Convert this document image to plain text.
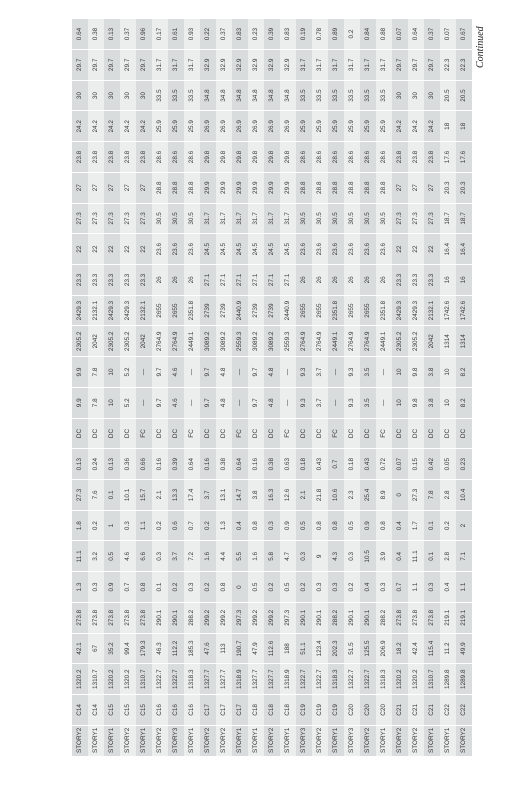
STORY2	C14	1320.2	42.1	273.8	1.3	11.1	1.8	27.3	0.13	DC	9.9	9.9	2305.2	2429.3	23.3	22	27.3	27	23.8	24.2	30	29.7	0.64
STORY1	C14	1310.7	67	273.8	0.3	3.2	0.2	7.6	0.24	DC	7.8	7.8	2042	2132.1	23.3	22	27.3	27	23.8	24.2	30	29.7	0.38
STORY1	C15	1320.2	35.2	273.8	0.9	0.5	1	0.1	0.13	DC	10	10	2305.2	2429.3	23.3	22	27.3	27	23.8	24.2	30	29.7	0.13
STORY2	C15	1320.2	99.4	273.8	0.7	4.6	0.3	10.1	0.36	DC	5.2	5.2	2305.2	2429.3	23.3	22	27.3	27	23.8	24.2	30	29.7	0.37
STORY1	C15	1310.7	179.3	273.8	0.8	6.6	1.1	15.7	0.66	FC	—	—	2042	2132.1	23.3	22	27.3	27	23.8	24.2	30	29.7	0.96
STORY2	C16	1322.7	46.3	290.1	0.1	0.3	0.2	2.1	0.16	DC	9.7	9.7	2764.9	2655	26	23.6	30.5	28.8	28.6	25.9	33.5	31.7	0.17
STORY3	C16	1322.7	112.2	290.1	0.2	3.7	0.6	13.3	0.39	DC	4.6	4.6	2764.9	2655	26	23.6	30.5	28.8	28.6	25.9	33.5	31.7	0.61
STORY1	C16	1318.3	185.3	288.2	0.3	7.2	0.7	17.4	0.64	FC	—	—	2449.1	2351.8	26	23.6	30.5	28.8	28.6	25.9	33.5	31.7	0.93
STORY2	C17	1327.7	47.6	299.2	0.2	1.6	0.2	3.7	0.16	DC	9.7	9.7	3089.2	2739	27.1	24.5	31.7	29.9	29.8	26.9	34.8	32.9	0.22
STORY2	C17	1327.7	113	299.2	0.8	4.4	1.3	13.1	0.38	DC	4.8	4.8	3089.2	2739	27.1	24.5	31.7	29.9	29.8	26.9	34.8	32.9	0.37
STORY1	C17	1318.9	190.7	297.3	0	5.5	0.4	14.7	0.64	FC	—	—	2559.3	2440.9	27.1	24.5	31.7	29.9	29.8	26.9	34.8	32.9	0.83
STORY1	C18	1327.7	47.9	299.2	0.5	1.6	0.8	3.8	0.16	DC	9.7	9.7	3089.2	2739	27.1	24.5	31.7	29.9	29.8	26.9	34.8	32.9	0.23
STORY2	C18	1327.7	112.6	299.2	0.2	5.8	0.3	16.3	0.38	DC	4.8	4.8	3089.2	2739	27.1	24.5	31.7	29.9	29.8	26.9	34.8	32.9	0.39
STORY1	C18	1318.9	188	297.3	0.5	4.7	0.9	12.6	0.63	FC	—	—	2559.3	2440.9	27.1	24.5	31.7	29.9	29.8	26.9	34.8	32.9	0.83
STORY3	C19	1322.7	51.1	290.1	0.2	0.3	0.5	2.1	0.18	DC	9.3	9.3	2764.9	2655	26	23.6	30.5	28.8	28.6	25.9	33.5	31.7	0.19
STORY2	C19	1322.7	123.4	290.1	0.3	9	0.8	21.8	0.43	DC	3.7	3.7	2764.9	2655	26	23.6	30.5	28.8	28.6	25.9	33.5	31.7	0.78
STORY1	C19	1318.3	202.3	288.2	0.3	4.3	0.8	10.6	0.7	FC	—	—	2449.1	2351.8	26	23.6	30.5	28.8	28.6	25.9	33.5	31.7	0.89
STORY3	C20	1322.7	51.5	290.1	0.2	0.3	0.5	2.3	0.18	DC	9.3	9.3	2764.9	2655	26	23.6	30.5	28.8	28.6	25.9	33.5	31.7	0.2
STORY2	C20	1322.7	125.5	290.1	0.4	10.5	0.9	25.4	0.43	DC	3.5	3.5	2764.9	2655	26	23.6	30.5	28.8	28.6	25.9	33.5	31.7	0.84
STORY1	C20	1318.3	206.9	288.2	0.3	3.9	0.8	8.9	0.72	FC	—	—	2449.1	2351.8	26	23.6	30.5	28.8	28.6	25.9	33.5	31.7	0.88
STORY2	C21	1320.2	18.2	273.8	0.7	0.4	0.4	0	0.07	DC	10	10	2305.2	2429.3	23.3	22	27.3	27	23.8	24.2	30	29.7	0.07
STORY2	C21	1320.2	42.4	273.8	1.1	11.1	1.7	27.3	0.15	DC	9.8	9.8	2305.2	2429.3	23.3	22	27.3	27	23.8	24.2	30	29.7	0.64
STORY1	C21	1310.7	115.4	273.8	0.3	0.1	0.1	7.8	0.42	DC	3.8	3.8	2042	2132.1	23.3	22	27.3	27	23.8	24.2	30	29.7	0.37
STORY1	C22	1289.8	11.2	219.1	0.4	2.8	0.2	2.8	0.05	DC	10	10	1314	1742.6	16	16.4	18.7	20.3	17.6	18	20.5	22.3	0.07
STORY2	C22	1289.8	49.9	219.1	1.1	7.1	2	10.4	0.23	DC	8.2	8.2	1314	1742.6	16	16.4	18.7	20.3	17.6	18	20.5	22.3	0.67 Continued
